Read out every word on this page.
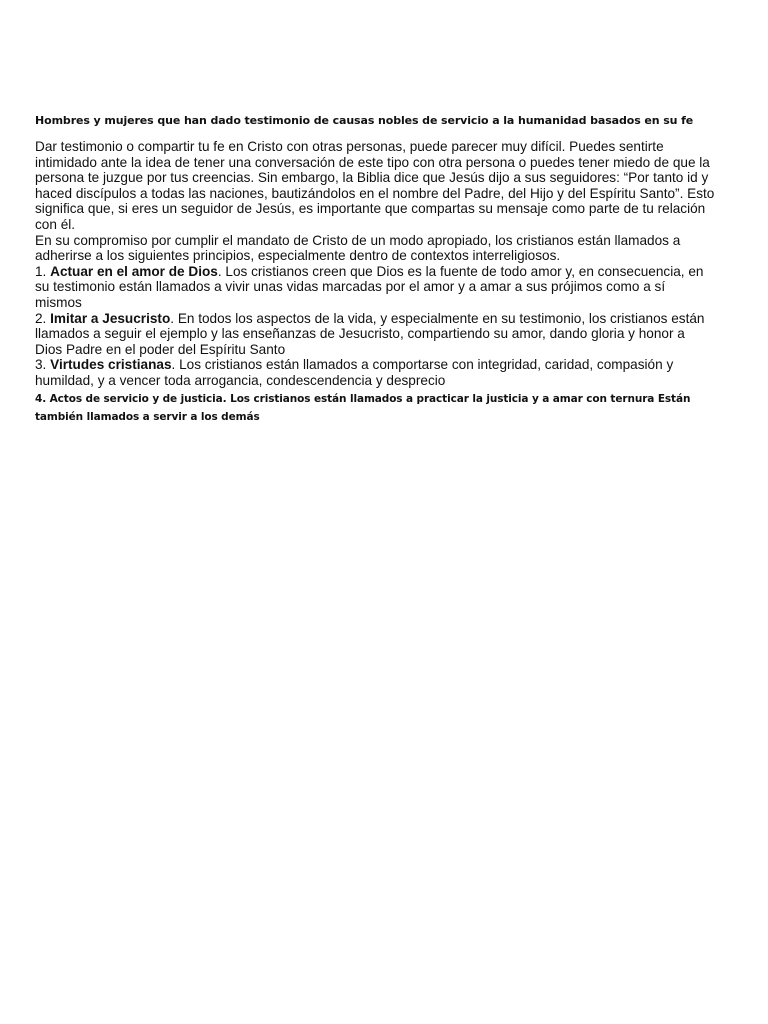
Hombres y mujeres que han dado testimonio de causas nobles de servicio a la humanidad basados en su fe

Dar testimonio o compartir tu fe en Cristo con otras personas, puede parecer muy difícil. Puedes sentirte intimidado ante la idea de tener una conversación de este tipo con otra persona o puedes tener miedo de que la persona te juzgue por tus creencias. Sin embargo, la Biblia dice que Jesús dijo a sus seguidores: “Por tanto id y haced discípulos a todas las naciones, bautizándolos en el nombre del Padre, del Hijo y del Espíritu Santo”. Esto significa que, si eres un seguidor de Jesús, es importante que compartas su mensaje como parte de tu relación con él.
En su compromiso por cumplir el mandato de Cristo de un modo apropiado, los cristianos están llamados a adherirse a los siguientes principios, especialmente dentro de contextos interreligiosos.
1. Actuar en el amor de Dios. Los cristianos creen que Dios es la fuente de todo amor y, en consecuencia, en su testimonio están llamados a vivir unas vidas marcadas por el amor y a amar a sus prójimos como a sí mismos
2. Imitar a Jesucristo. En todos los aspectos de la vida, y especialmente en su testimonio, los cristianos están llamados a seguir el ejemplo y las enseñanzas de Jesucristo, compartiendo su amor, dando gloria y honor a Dios Padre en el poder del Espíritu Santo
3. Virtudes cristianas. Los cristianos están llamados a comportarse con integridad, caridad, compasión y humildad, y a vencer toda arrogancia, condescendencia y desprecio

4. Actos de servicio y de justicia. Los cristianos están llamados a practicar la justicia y a amar con ternura Están también llamados a servir a los demás
